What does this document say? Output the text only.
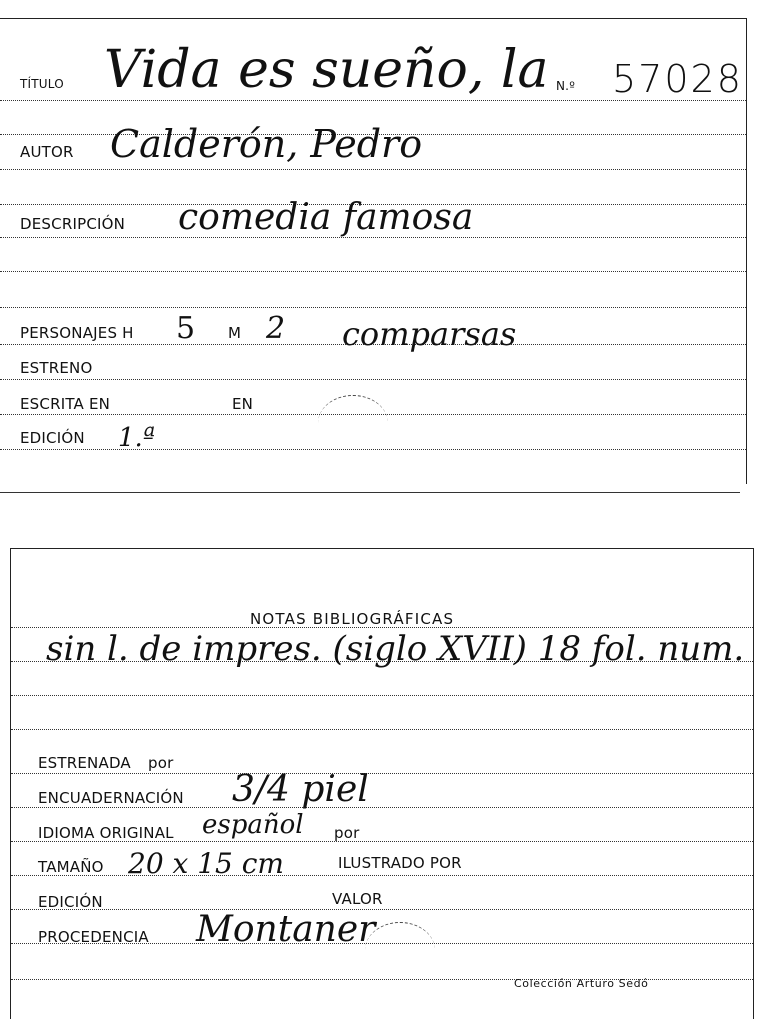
TÍTULO Vida es sueño, la N.º 57028
AUTOR Calderón, Pedro
DESCRIPCIÓN comedia famosa
PERSONAJES H 5 M 2 comparsas
ESTRENO
ESCRITA EN	EN
EDICIÓN 1.ª
NOTAS BIBLIOGRÁFICAS
sin l. de impres. (siglo XVII) 18 fol. num.
ESTRENADA por
ENCUADERNACIÓN 3/4 piel
IDIOMA ORIGINAL español por
TAMAÑO 20 x 15 cm	ILUSTRADO POR
EDICIÓN	VALOR
PROCEDENCIA Montaner
Colección Arturo Sedó
